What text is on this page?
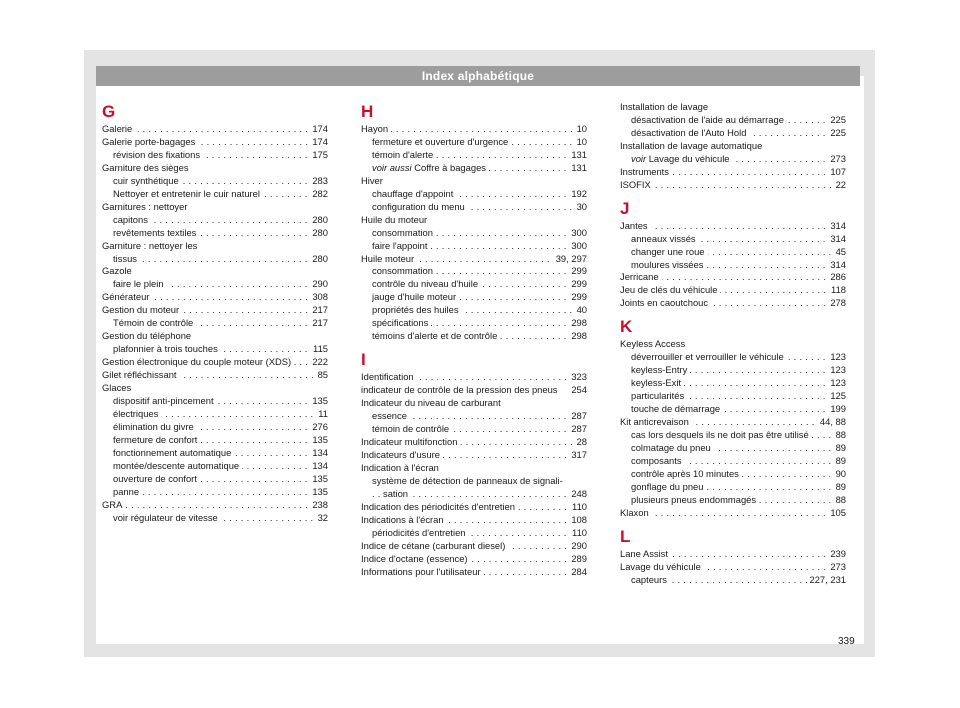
Index alphabétique
G
. . . Galerie	174
. . . Galerie porte-bagages	174
. . . révision des fixations	175
Garniture des sièges
. . . cuir synthétique	283
. . . Nettoyer et entretenir le cuir naturel	282
Garnitures : nettoyer
. . . capitons	280
. . . revêtements textiles	280
Garniture : nettoyer les
. . . tissus	280
Gazole
. . . faire le plein	290
. . . Générateur	308
. . . Gestion du moteur	217
. . . Témoin de contrôle	217
Gestion du téléphone
. . . plafonnier à trois touches	115
. . . Gestion électronique du couple moteur (XDS)	222
. . . Gilet réfléchissant	85
Glaces
. . . dispositif anti-pincement	135
. . . électriques	11
. . . élimination du givre	276
. . . fermeture de confort	135
. . . fonctionnement automatique	134
. . . montée/descente automatique	134
. . . ouverture de confort	135
. . . panne	135
. . . GRA	238
. . . voir régulateur de vitesse	32
H
. . . Hayon	10
. . . fermeture et ouverture d'urgence	10
. . . témoin d'alerte	131
. . . voir aussi Coffre à bagages	131
Hiver
. . . chauffage d'appoint	192
. . . configuration du menu	30
Huile du moteur
. . . consommation	300
. . . faire l'appoint	300
. . . Huile moteur	39, 297
. . . consommation	299
. . . contrôle du niveau d'huile	299
. . . jauge d'huile moteur	299
. . . propriétés des huiles	40
. . . spécifications	298
. . . témoins d'alerte et de contrôle	298
I
. . . Identification	323
indicateur de contrôle de la pression des pneus	254
Indicateur du niveau de carburant
. . . essence	287
. . . témoin de contrôle	287
. . . Indicateur multifonction	28
. . . Indicateurs d'usure	317
Indication à l'écran
système de détection de panneaux de signali-
. . . sation	248
. . . Indication des périodicités d'entretien	110
. . . Indications à l'écran	108
. . . périodicités d'entretien	110
. . . Indice de cétane (carburant diesel)	290
. . . Indice d'octane (essence)	289
. . . Informations pour l'utilisateur	284
Installation de lavage
. . . désactivation de l'aide au démarrage	225
. . . désactivation de l'Auto Hold	225
Installation de lavage automatique
. . . voir Lavage du véhicule	273
. . . Instruments	107
. . . ISOFIX	22
J
. . . Jantes	314
. . . anneaux vissés	314
. . . changer une roue	45
. . . moulures vissées	314
. . . Jerricane	286
. . . Jeu de clés du véhicule	118
. . . Joints en caoutchouc	278
K
Keyless Access
. . . déverrouiller et verrouiller le véhicule	123
. . . keyless-Entry	123
. . . keyless-Exit	123
. . . particularités	125
. . . touche de démarrage	199
. . . Kit anticrevaison	44, 88
. . . cas lors desquels ils ne doit pas être utilisé	88
. . . colmatage du pneu	89
. . . composants	89
. . . contrôle après 10 minutes	90
. . . gonflage du pneu	89
. . . plusieurs pneus endommagés	88
. . . Klaxon	105
L
. . . Lane Assist	239
. . . Lavage du véhicule	273
. . . capteurs	227, 231
339
